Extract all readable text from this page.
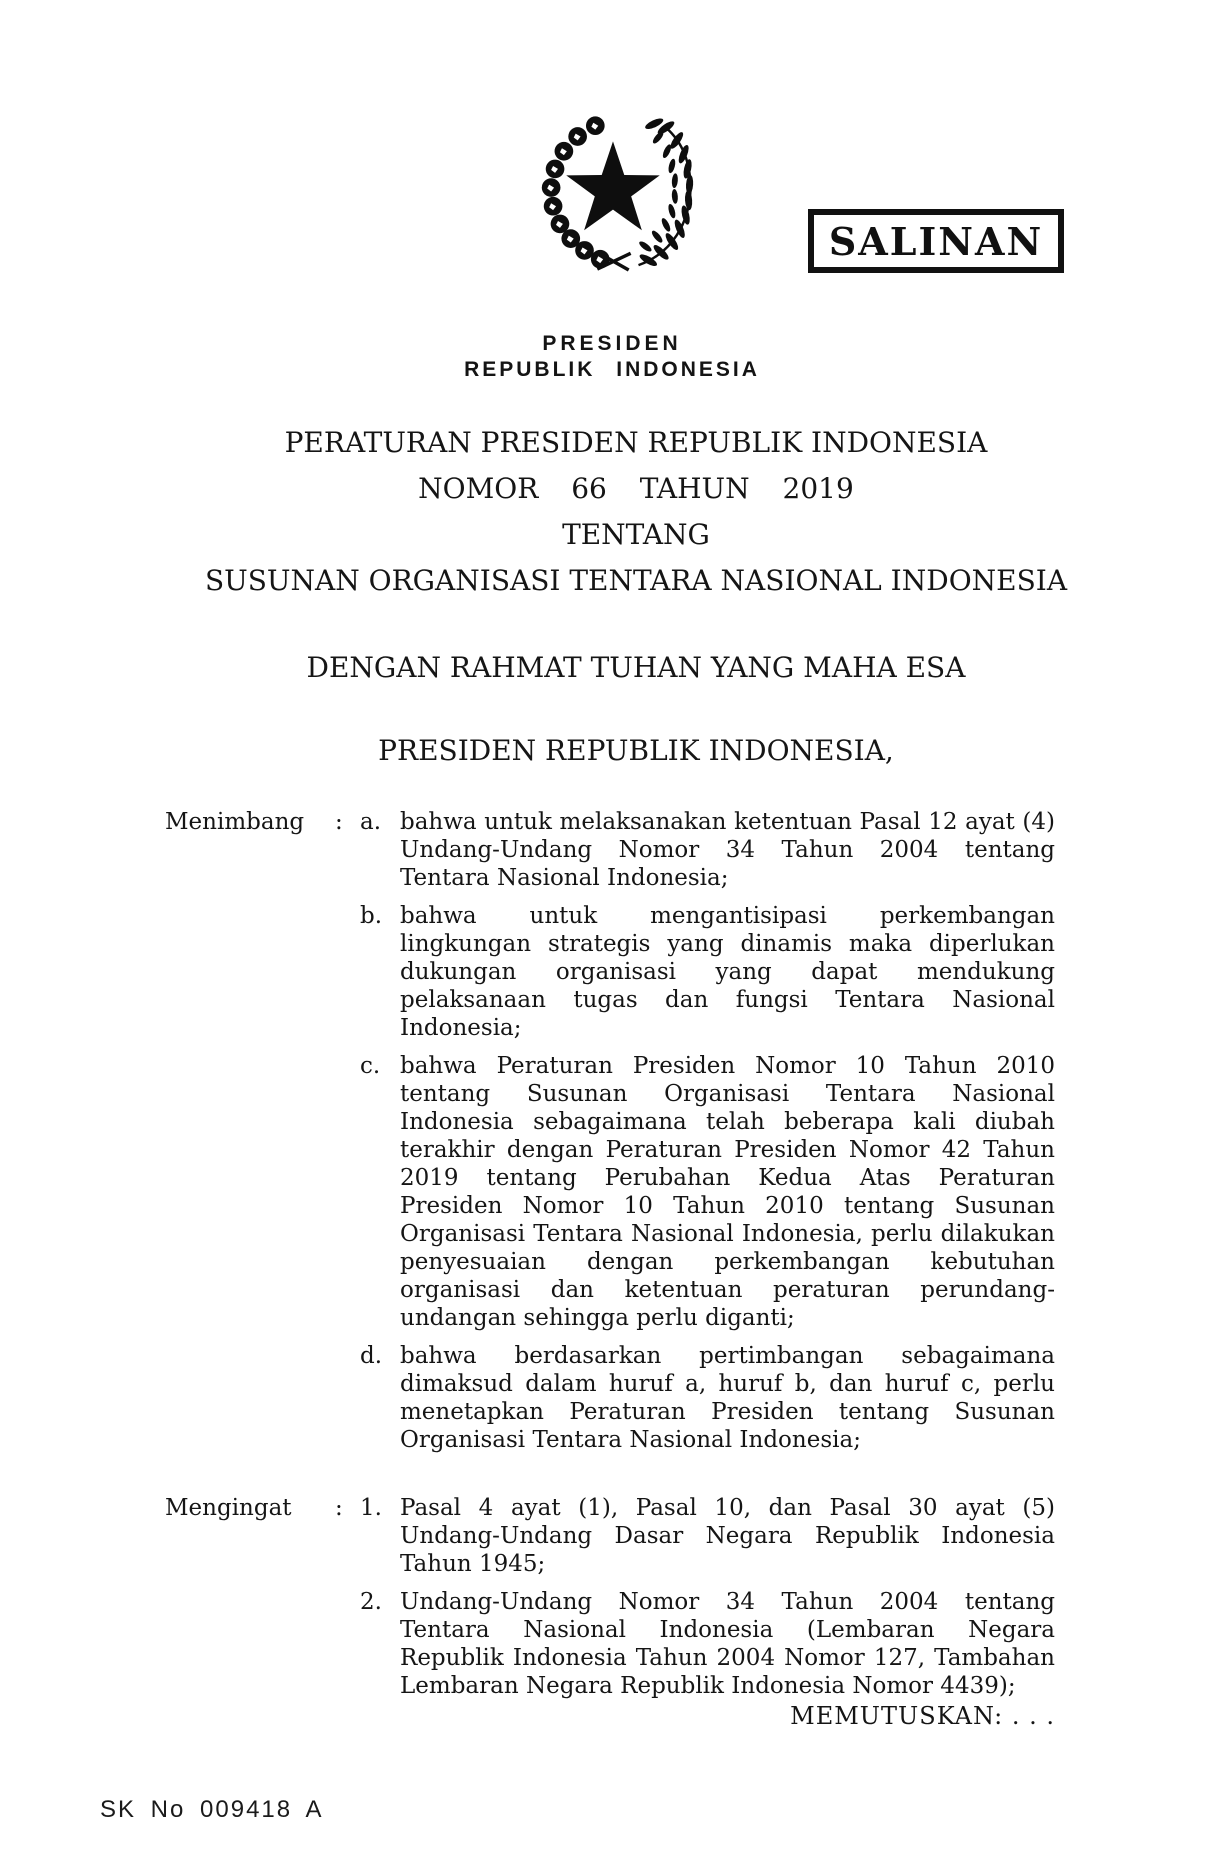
SALINAN
PRESIDEN
REPUBLIK INDONESIA
PERATURAN PRESIDEN REPUBLIK INDONESIA
NOMOR 66 TAHUN 2019
TENTANG
SUSUNAN ORGANISASI TENTARA NASIONAL INDONESIA
DENGAN RAHMAT TUHAN YANG MAHA ESA
PRESIDEN REPUBLIK INDONESIA,
Menimbang	: a. bahwa untuk melaksanakan ketentuan Pasal 12 ayat (4) Undang-Undang Nomor 34 Tahun 2004 tentang Tentara Nasional Indonesia;
b. bahwa untuk mengantisipasi perkembangan lingkungan strategis yang dinamis maka diperlukan dukungan organisasi yang dapat mendukung pelaksanaan tugas dan fungsi Tentara Nasional Indonesia;
c. bahwa Peraturan Presiden Nomor 10 Tahun 2010 tentang Susunan Organisasi Tentara Nasional Indonesia sebagaimana telah beberapa kali diubah terakhir dengan Peraturan Presiden Nomor 42 Tahun 2019 tentang Perubahan Kedua Atas Peraturan Presiden Nomor 10 Tahun 2010 tentang Susunan Organisasi Tentara Nasional Indonesia, perlu dilakukan penyesuaian dengan perkembangan kebutuhan organisasi dan ketentuan peraturan perundang-undangan sehingga perlu diganti;
d. bahwa berdasarkan pertimbangan sebagaimana dimaksud dalam huruf a, huruf b, dan huruf c, perlu menetapkan Peraturan Presiden tentang Susunan Organisasi Tentara Nasional Indonesia;
Mengingat	: 1. Pasal 4 ayat (1), Pasal 10, dan Pasal 30 ayat (5) Undang-Undang Dasar Negara Republik Indonesia Tahun 1945;
2. Undang-Undang Nomor 34 Tahun 2004 tentang Tentara Nasional Indonesia (Lembaran Negara Republik Indonesia Tahun 2004 Nomor 127, Tambahan Lembaran Negara Republik Indonesia Nomor 4439);
MEMUTUSKAN: . . .
SK No 009418 A
